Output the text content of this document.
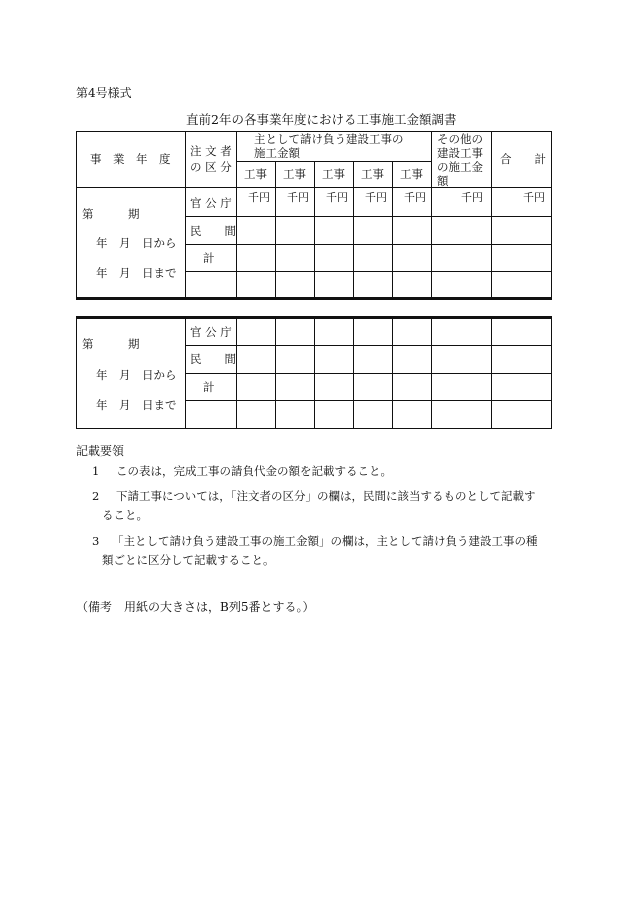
第4号様式
直前2年の各事業年度における工事施工金額調書
事　業　年　度
注 文 者
の 区 分
主として請け負う建設工事の
施工金額
工事 工事 工事 工事 工事
その他の
建設工事
の施工金
額
合　　計
千円 千円 千円 千円 千円	千円	千円
第　　　期
年　月　日から
年　月　日まで
官 公 庁
民　　間
計
第　　　期
年　月　日から
年　月　日まで
官 公 庁
民　　間
計
記載要領
1 この表は，完成工事の請負代金の額を記載すること。
2 下請工事については，「注文者の区分」の欄は，民間に該当するものとして記載す
ること。
3 「主として請け負う建設工事の施工金額」の欄は，主として請け負う建設工事の種
類ごとに区分して記載すること。
（備考　用紙の大きさは，B列5番とする。）
